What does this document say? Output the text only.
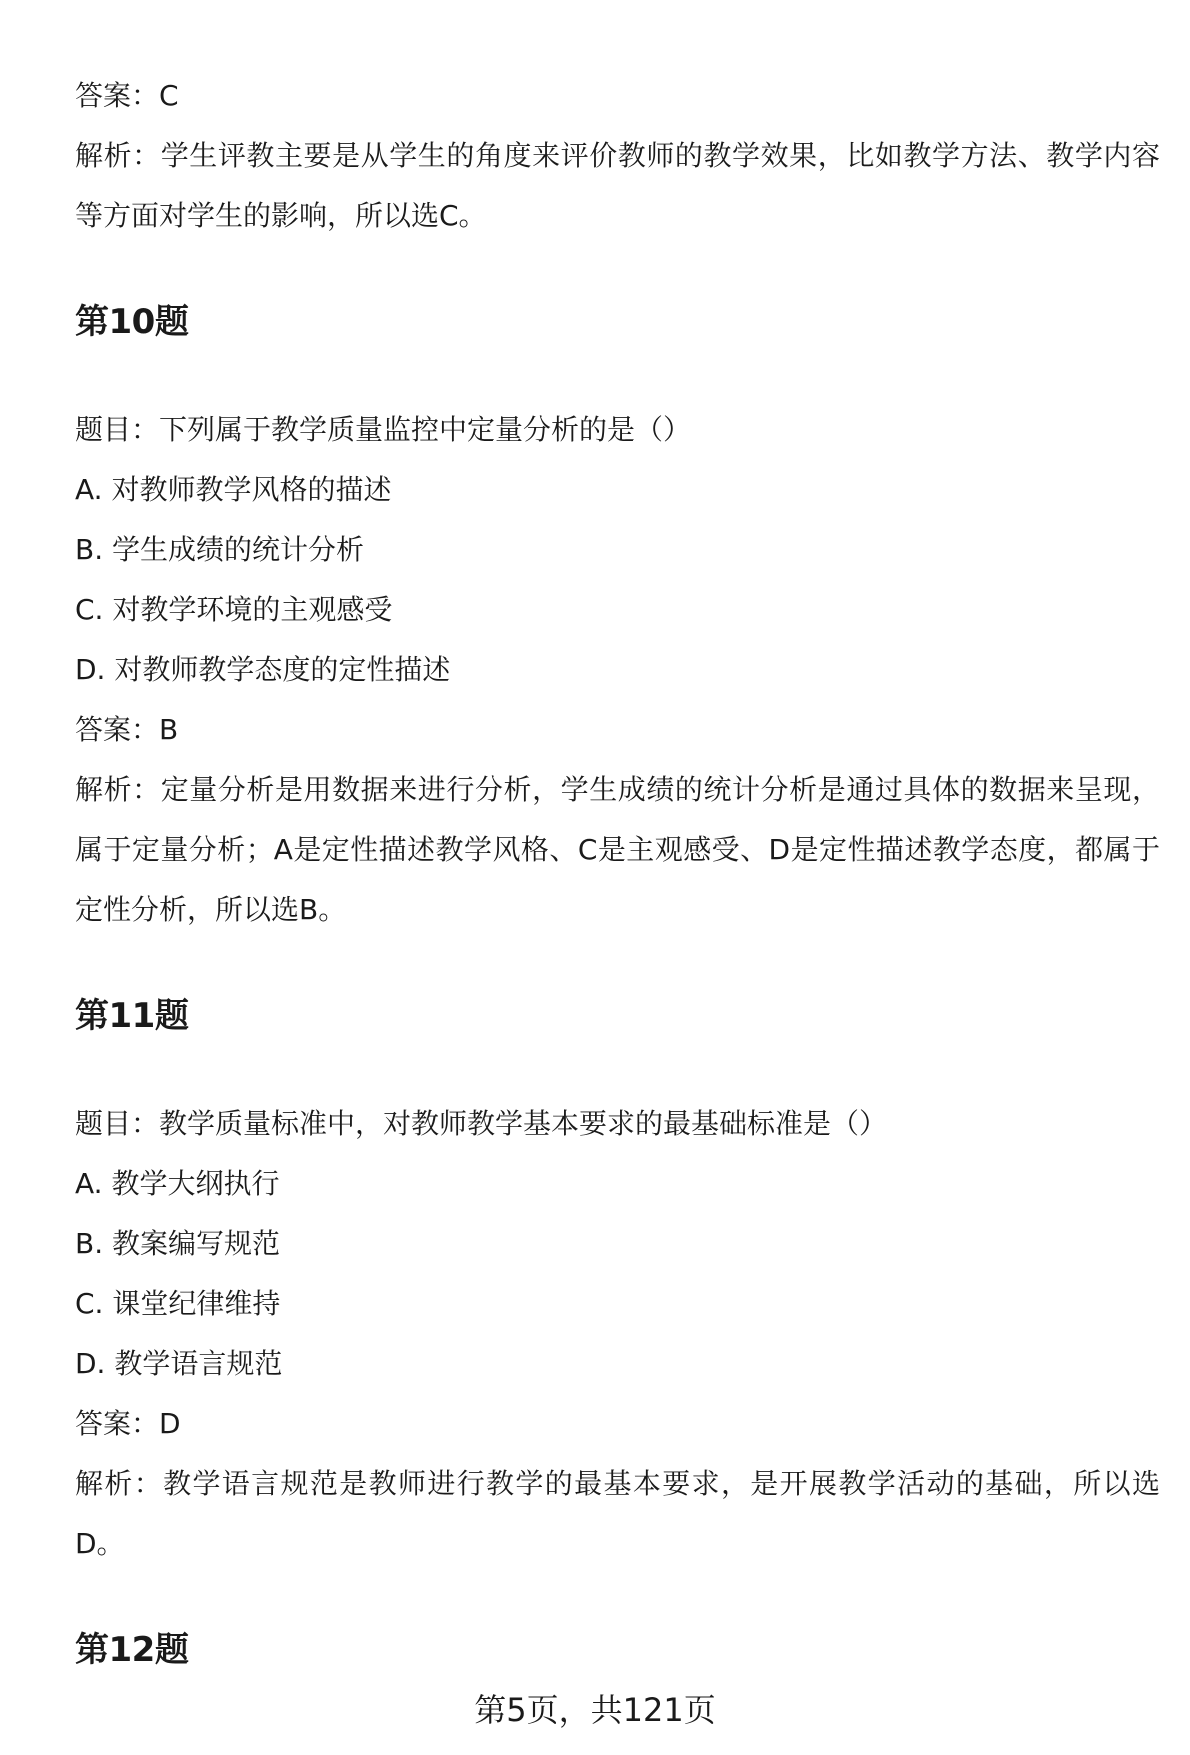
答案：C

解析：学生评教主要是从学生的角度来评价教师的教学效果，比如教学方法、教学内容等方面对学生的影响，所以选C。

第10题

题目：下列属于教学质量监控中定量分析的是（）

A. 对教师教学风格的描述

B. 学生成绩的统计分析

C. 对教学环境的主观感受

D. 对教师教学态度的定性描述

答案：B

解析：定量分析是用数据来进行分析，学生成绩的统计分析是通过具体的数据来呈现，属于定量分析；A是定性描述教学风格、C是主观感受、D是定性描述教学态度，都属于定性分析，所以选B。

第11题

题目：教学质量标准中，对教师教学基本要求的最基础标准是（）

A. 教学大纲执行

B. 教案编写规范

C. 课堂纪律维持

D. 教学语言规范

答案：D

解析：教学语言规范是教师进行教学的最基本要求，是开展教学活动的基础，所以选D。

第12题
第5页，共121页
